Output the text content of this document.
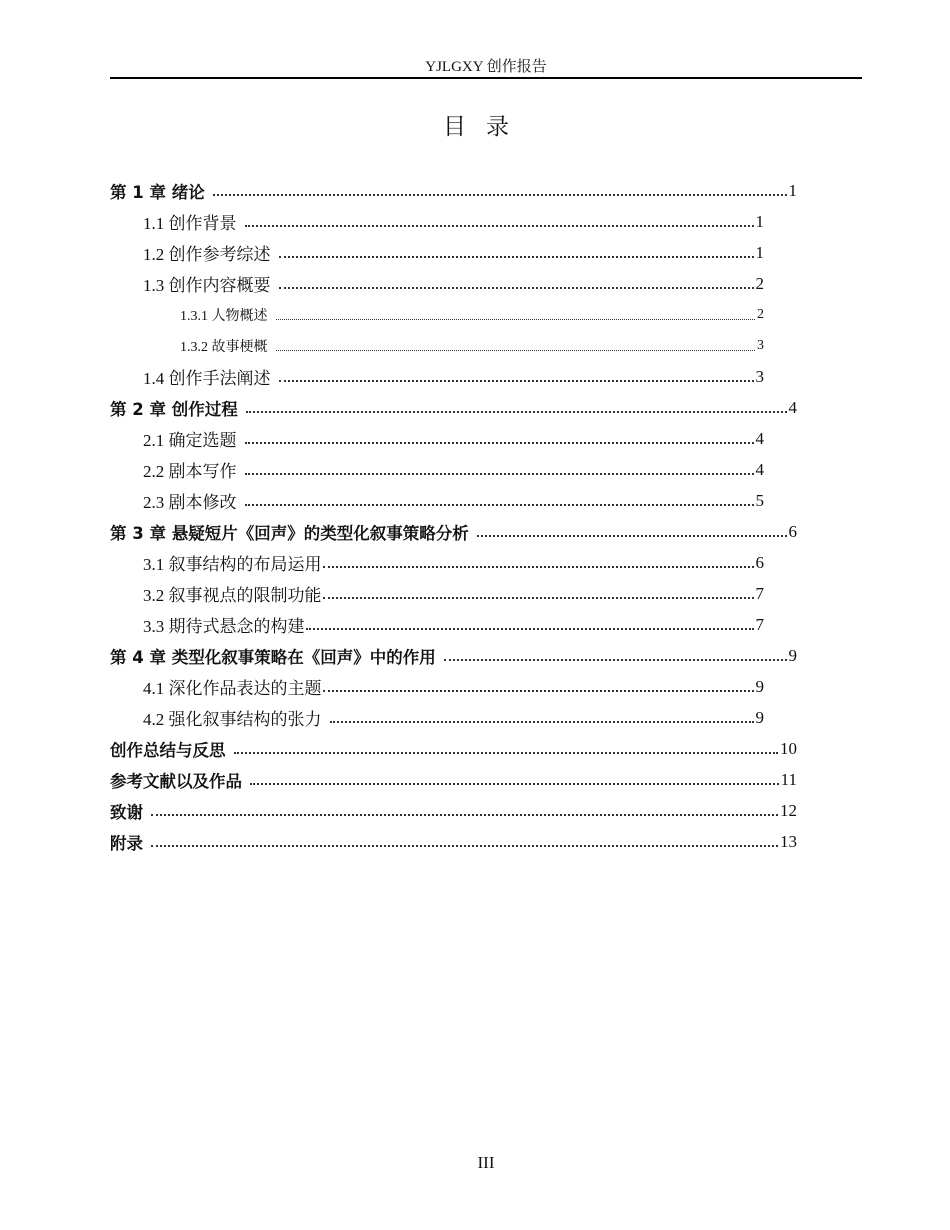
YJLGXY 创作报告
目录
第 1 章 绪论	1
1.1 创作背景	1
1.2 创作参考综述	1
1.3 创作内容概要	2
1.3.1 人物概述	2
1.3.2 故事梗概	3
1.4 创作手法阐述	3
第 2 章 创作过程	4
2.1 确定选题	4
2.2 剧本写作	4
2.3 剧本修改	5
第 3 章 悬疑短片《回声》的类型化叙事策略分析	6
3.1 叙事结构的布局运用	6
3.2 叙事视点的限制功能	7
3.3 期待式悬念的构建	7
第 4 章 类型化叙事策略在《回声》中的作用	9
4.1 深化作品表达的主题	9
4.2 强化叙事结构的张力	9
创作总结与反思	10
参考文献以及作品	11
致谢	12
附录	13
III
